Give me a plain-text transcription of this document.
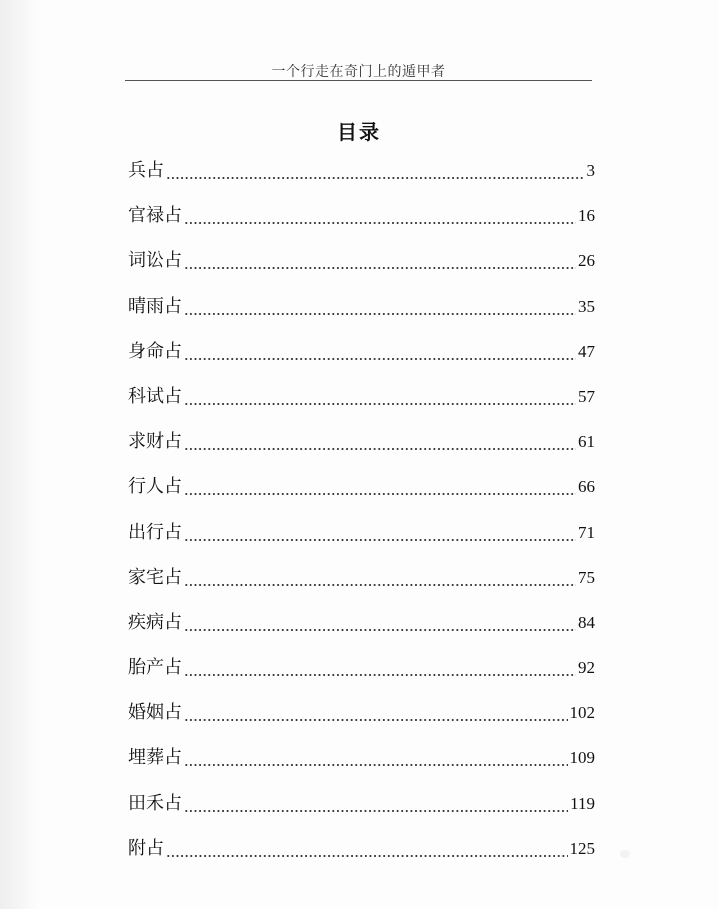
一个行走在奇门上的遁甲者
目录
兵占	3
官禄占	16
词讼占	26
晴雨占	35
身命占	47
科试占	57
求财占	61
行人占	66
出行占	71
家宅占	75
疾病占	84
胎产占	92
婚姻占	102
埋葬占	109
田禾占	119
附占	125
